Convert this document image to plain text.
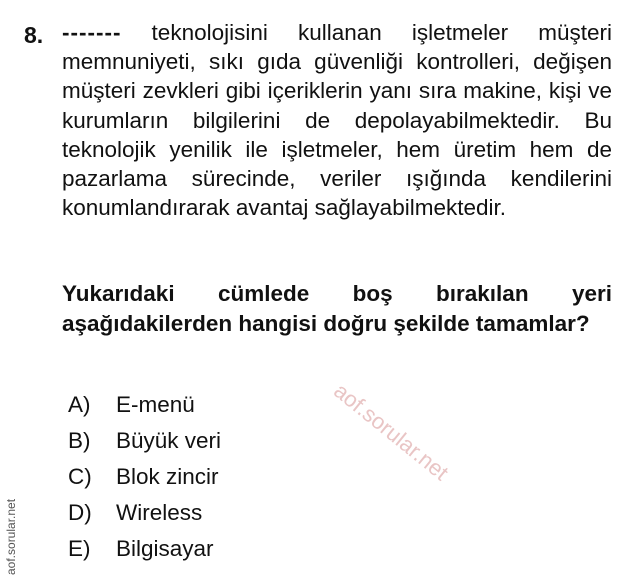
8. ------- teknolojisini kullanan işletmeler müşteri memnuniyeti, sıkı gıda güvenliği kontrolleri, değişen müşteri zevkleri gibi içeriklerin yanı sıra makine, kişi ve kurumların bilgilerini de depolayabilmektedir. Bu teknolojik yenilik ile işletmeler, hem üretim hem de pazarlama sürecinde, veriler ışığında kendilerini konumlandırarak avantaj sağlayabilmektedir.
Yukarıdaki cümlede boş bırakılan yeri aşağıdakilerden hangisi doğru şekilde tamamlar?
A) E-menü
B) Büyük veri
C) Blok zincir
D) Wireless
E) Bilgisayar
aof.sorular.net
aof.sorular.net
